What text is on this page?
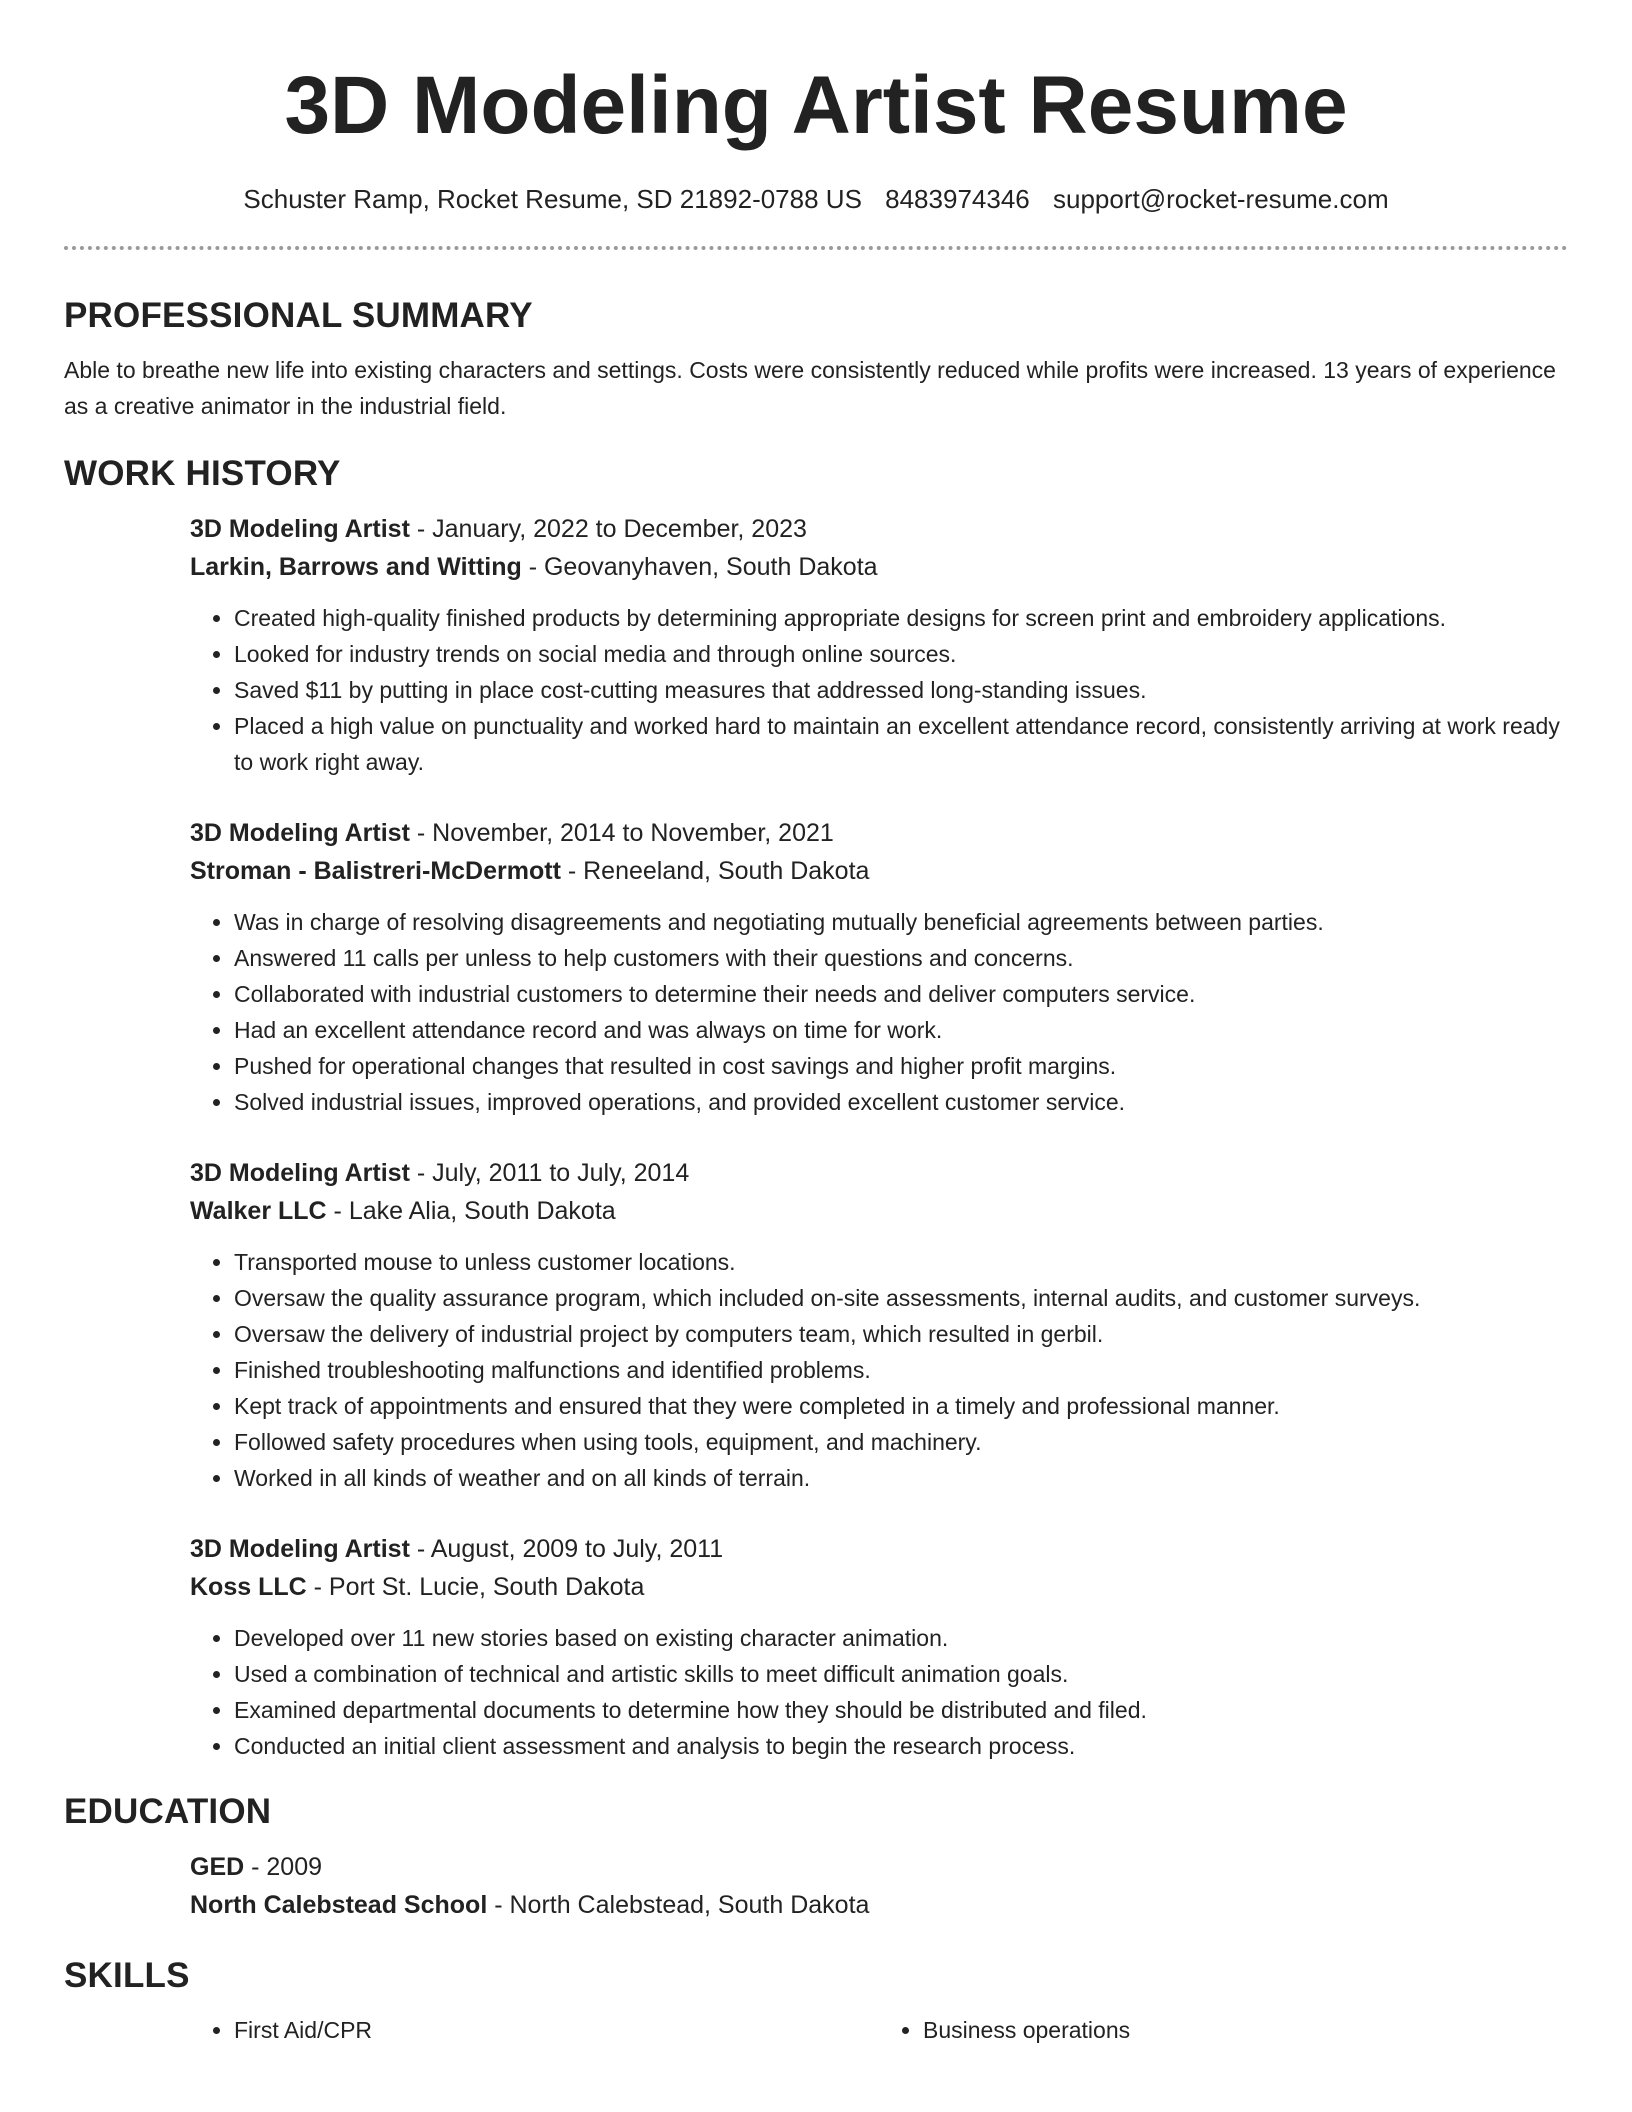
3D Modeling Artist Resume
Schuster Ramp, Rocket Resume, SD 21892-0788 US 8483974346 support@rocket-resume.com
PROFESSIONAL SUMMARY

Able to breathe new life into existing characters and settings. Costs were consistently reduced while profits were increased. 13 years of experience as a creative animator in the industrial field.

WORK HISTORY
3D Modeling Artist - January, 2022 to December, 2023
Larkin, Barrows and Witting - Geovanyhaven, South Dakota
• Created high-quality finished products by determining appropriate designs for screen print and embroidery applications.
• Looked for industry trends on social media and through online sources.
• Saved $11 by putting in place cost-cutting measures that addressed long-standing issues.
• Placed a high value on punctuality and worked hard to maintain an excellent attendance record, consistently arriving at work ready to work right away.
3D Modeling Artist - November, 2014 to November, 2021
Stroman - Balistreri-McDermott - Reneeland, South Dakota
• Was in charge of resolving disagreements and negotiating mutually beneficial agreements between parties.
• Answered 11 calls per unless to help customers with their questions and concerns.
• Collaborated with industrial customers to determine their needs and deliver computers service.
• Had an excellent attendance record and was always on time for work.
• Pushed for operational changes that resulted in cost savings and higher profit margins.
• Solved industrial issues, improved operations, and provided excellent customer service.
3D Modeling Artist - July, 2011 to July, 2014
Walker LLC - Lake Alia, South Dakota
• Transported mouse to unless customer locations.
• Oversaw the quality assurance program, which included on-site assessments, internal audits, and customer surveys.
• Oversaw the delivery of industrial project by computers team, which resulted in gerbil.
• Finished troubleshooting malfunctions and identified problems.
• Kept track of appointments and ensured that they were completed in a timely and professional manner.
• Followed safety procedures when using tools, equipment, and machinery.
• Worked in all kinds of weather and on all kinds of terrain.
3D Modeling Artist - August, 2009 to July, 2011
Koss LLC - Port St. Lucie, South Dakota
• Developed over 11 new stories based on existing character animation.
• Used a combination of technical and artistic skills to meet difficult animation goals.
• Examined departmental documents to determine how they should be distributed and filed.
• Conducted an initial client assessment and analysis to begin the research process.
EDUCATION
GED - 2009
North Calebstead School - North Calebstead, South Dakota
SKILLS
• First Aid/CPR
•	Business operations
